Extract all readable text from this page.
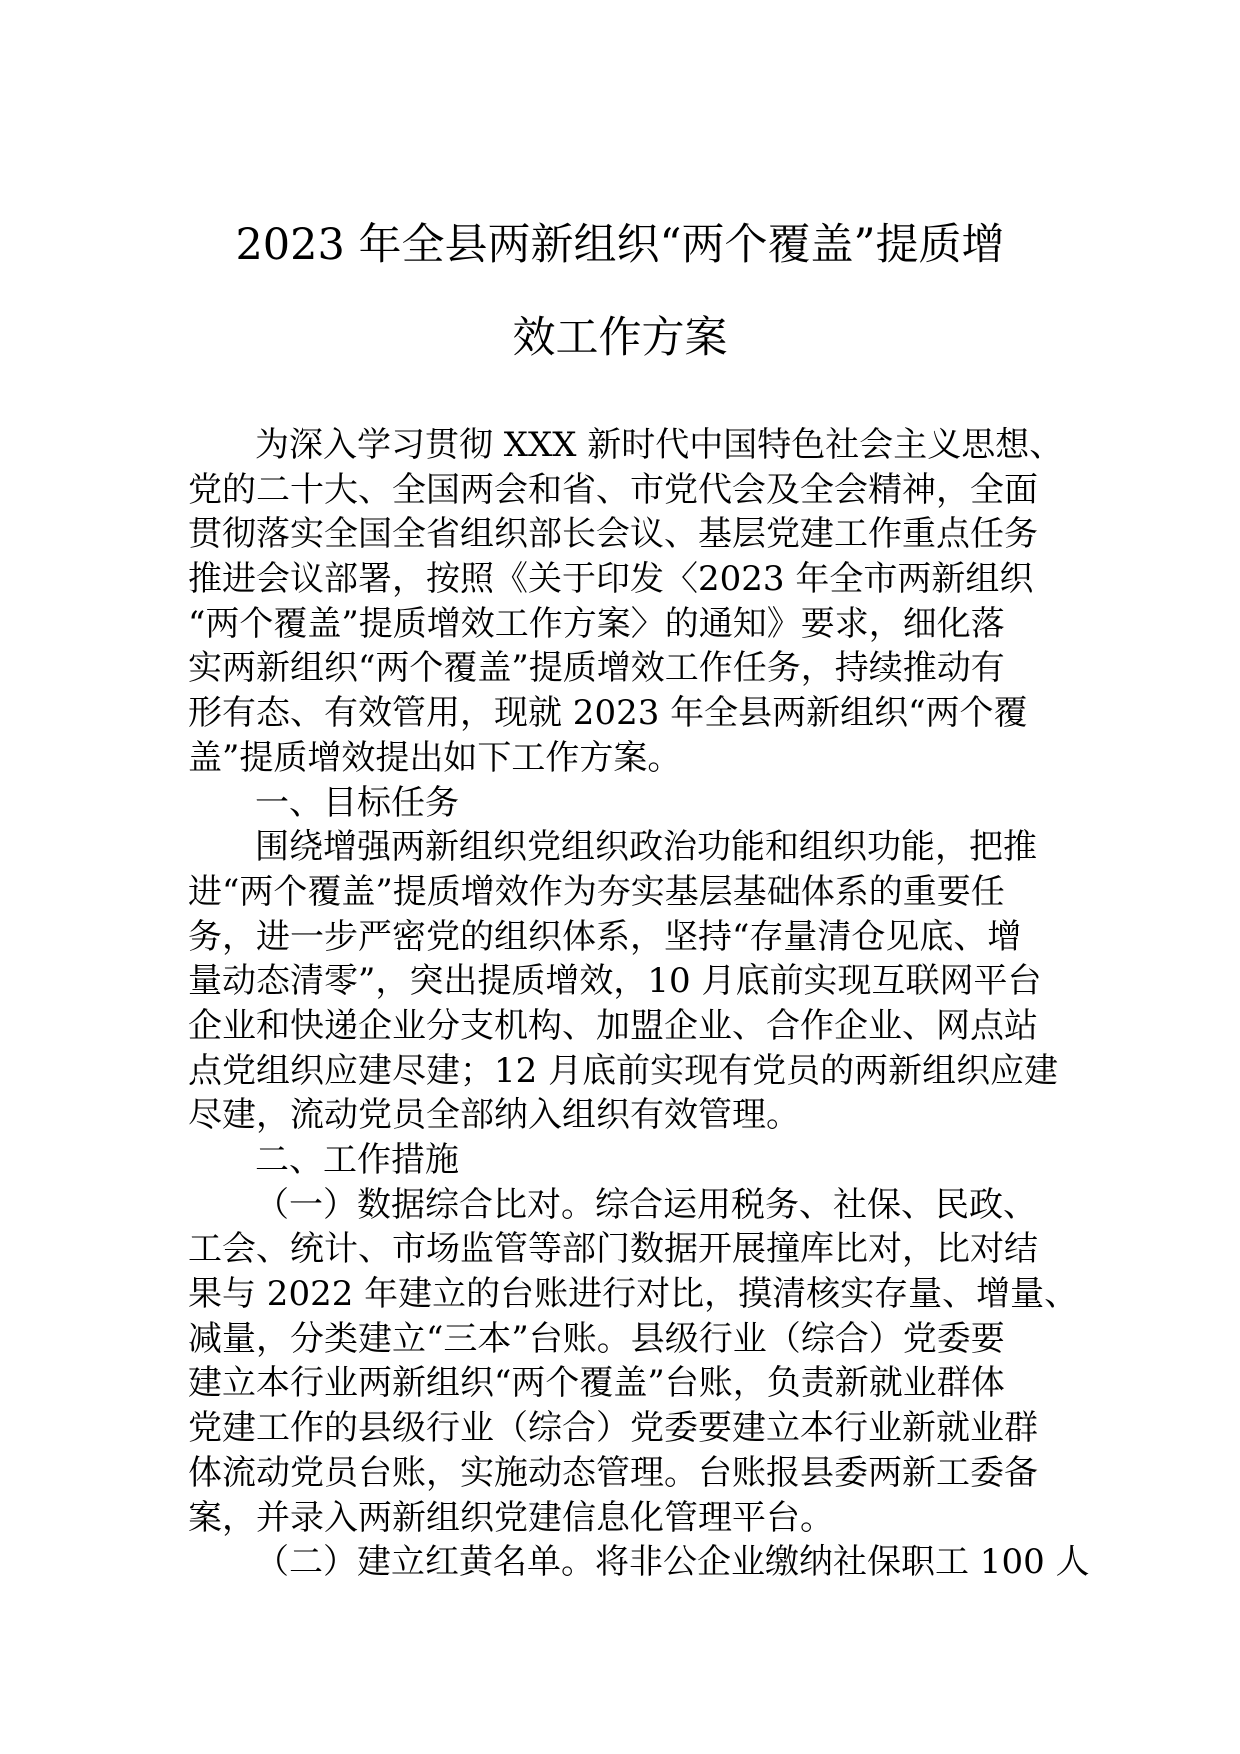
2023 年全县两新组织“两个覆盖”提质增
效工作方案

为深入学习贯彻 XXX 新时代中国特色社会主义思想、

党的二十大、全国两会和省、市党代会及全会精神，全面

贯彻落实全国全省组织部长会议、基层党建工作重点任务

推进会议部署，按照《关于印发〈2023 年全市两新组织

“两个覆盖”提质增效工作方案〉的通知》要求，细化落

实两新组织“两个覆盖”提质增效工作任务，持续推动有

形有态、有效管用，现就 2023 年全县两新组织“两个覆

盖”提质增效提出如下工作方案。

一、目标任务

围绕增强两新组织党组织政治功能和组织功能，把推

进“两个覆盖”提质增效作为夯实基层基础体系的重要任

务，进一步严密党的组织体系，坚持“存量清仓见底、增

量动态清零”，突出提质增效，10 月底前实现互联网平台

企业和快递企业分支机构、加盟企业、合作企业、网点站

点党组织应建尽建；12 月底前实现有党员的两新组织应建

尽建，流动党员全部纳入组织有效管理。

二、工作措施

（一）数据综合比对。综合运用税务、社保、民政、

工会、统计、市场监管等部门数据开展撞库比对，比对结

果与 2022 年建立的台账进行对比，摸清核实存量、增量、

减量，分类建立“三本”台账。县级行业（综合）党委要

建立本行业两新组织“两个覆盖”台账，负责新就业群体

党建工作的县级行业（综合）党委要建立本行业新就业群

体流动党员台账，实施动态管理。台账报县委两新工委备

案，并录入两新组织党建信息化管理平台。

（二）建立红黄名单。将非公企业缴纳社保职工 100 人
